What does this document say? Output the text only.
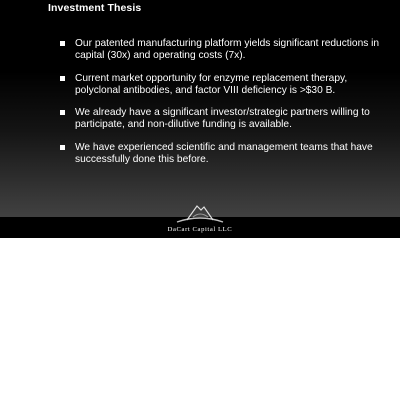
Investment Thesis
Our patented manufacturing platform yields significant reductions in capital (30x) and operating costs (7x).
Current market opportunity for enzyme replacement therapy, polyclonal antibodies, and factor VIII deficiency is >$30 B.
We already have a significant investor/strategic partners willing to participate, and non-dilutive funding is available.
We have experienced scientific and management teams that have successfully done this before.
DaCart Capital LLC
